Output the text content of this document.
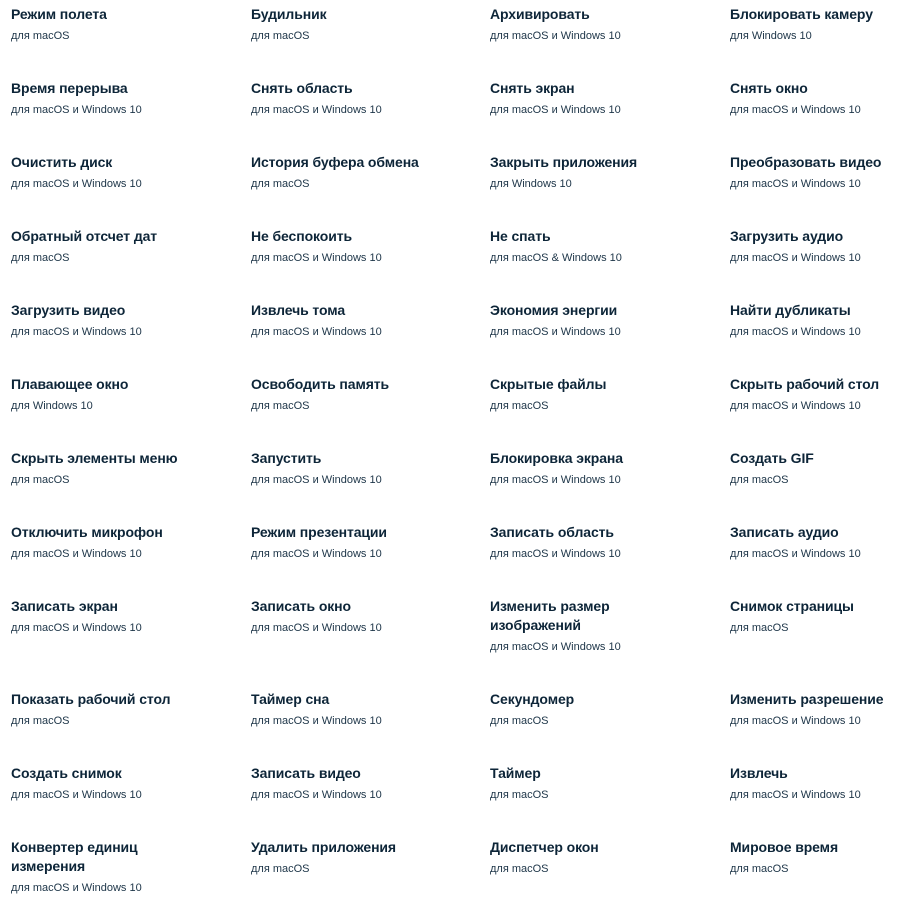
Режим полета
для macOS
Будильник
для macOS
Архивировать
для macOS и Windows 10
Блокировать камеру
для Windows 10
Время перерыва
для macOS и Windows 10
Снять область
для macOS и Windows 10
Снять экран
для macOS и Windows 10
Снять окно
для macOS и Windows 10
Очистить диск
для macOS и Windows 10
История буфера обмена
для macOS
Закрыть приложения
для Windows 10
Преобразовать видео
для macOS и Windows 10
Обратный отсчет дат
для macOS
Не беспокоить
для macOS и Windows 10
Не спать
для macOS & Windows 10
Загрузить аудио
для macOS и Windows 10
Загрузить видео
для macOS и Windows 10
Извлечь тома
для macOS и Windows 10
Экономия энергии
для macOS и Windows 10
Найти дубликаты
для macOS и Windows 10
Плавающее окно
для Windows 10
Освободить память
для macOS
Скрытые файлы
для macOS
Скрыть рабочий стол
для macOS и Windows 10
Скрыть элементы меню
для macOS
Запустить
для macOS и Windows 10
Блокировка экрана
для macOS и Windows 10
Создать GIF
для macOS
Отключить микрофон
для macOS и Windows 10
Режим презентации
для macOS и Windows 10
Записать область
для macOS и Windows 10
Записать аудио
для macOS и Windows 10
Записать экран
для macOS и Windows 10
Записать окно
для macOS и Windows 10
Изменить размер изображений
для macOS и Windows 10
Снимок страницы
для macOS
Показать рабочий стол
для macOS
Таймер сна
для macOS и Windows 10
Секундомер
для macOS
Изменить разрешение
для macOS и Windows 10
Создать снимок
для macOS и Windows 10
Записать видео
для macOS и Windows 10
Таймер
для macOS
Извлечь
для macOS и Windows 10
Конвертер единиц измерения
для macOS и Windows 10
Удалить приложения
для macOS
Диспетчер окон
для macOS
Мировое время
для macOS
